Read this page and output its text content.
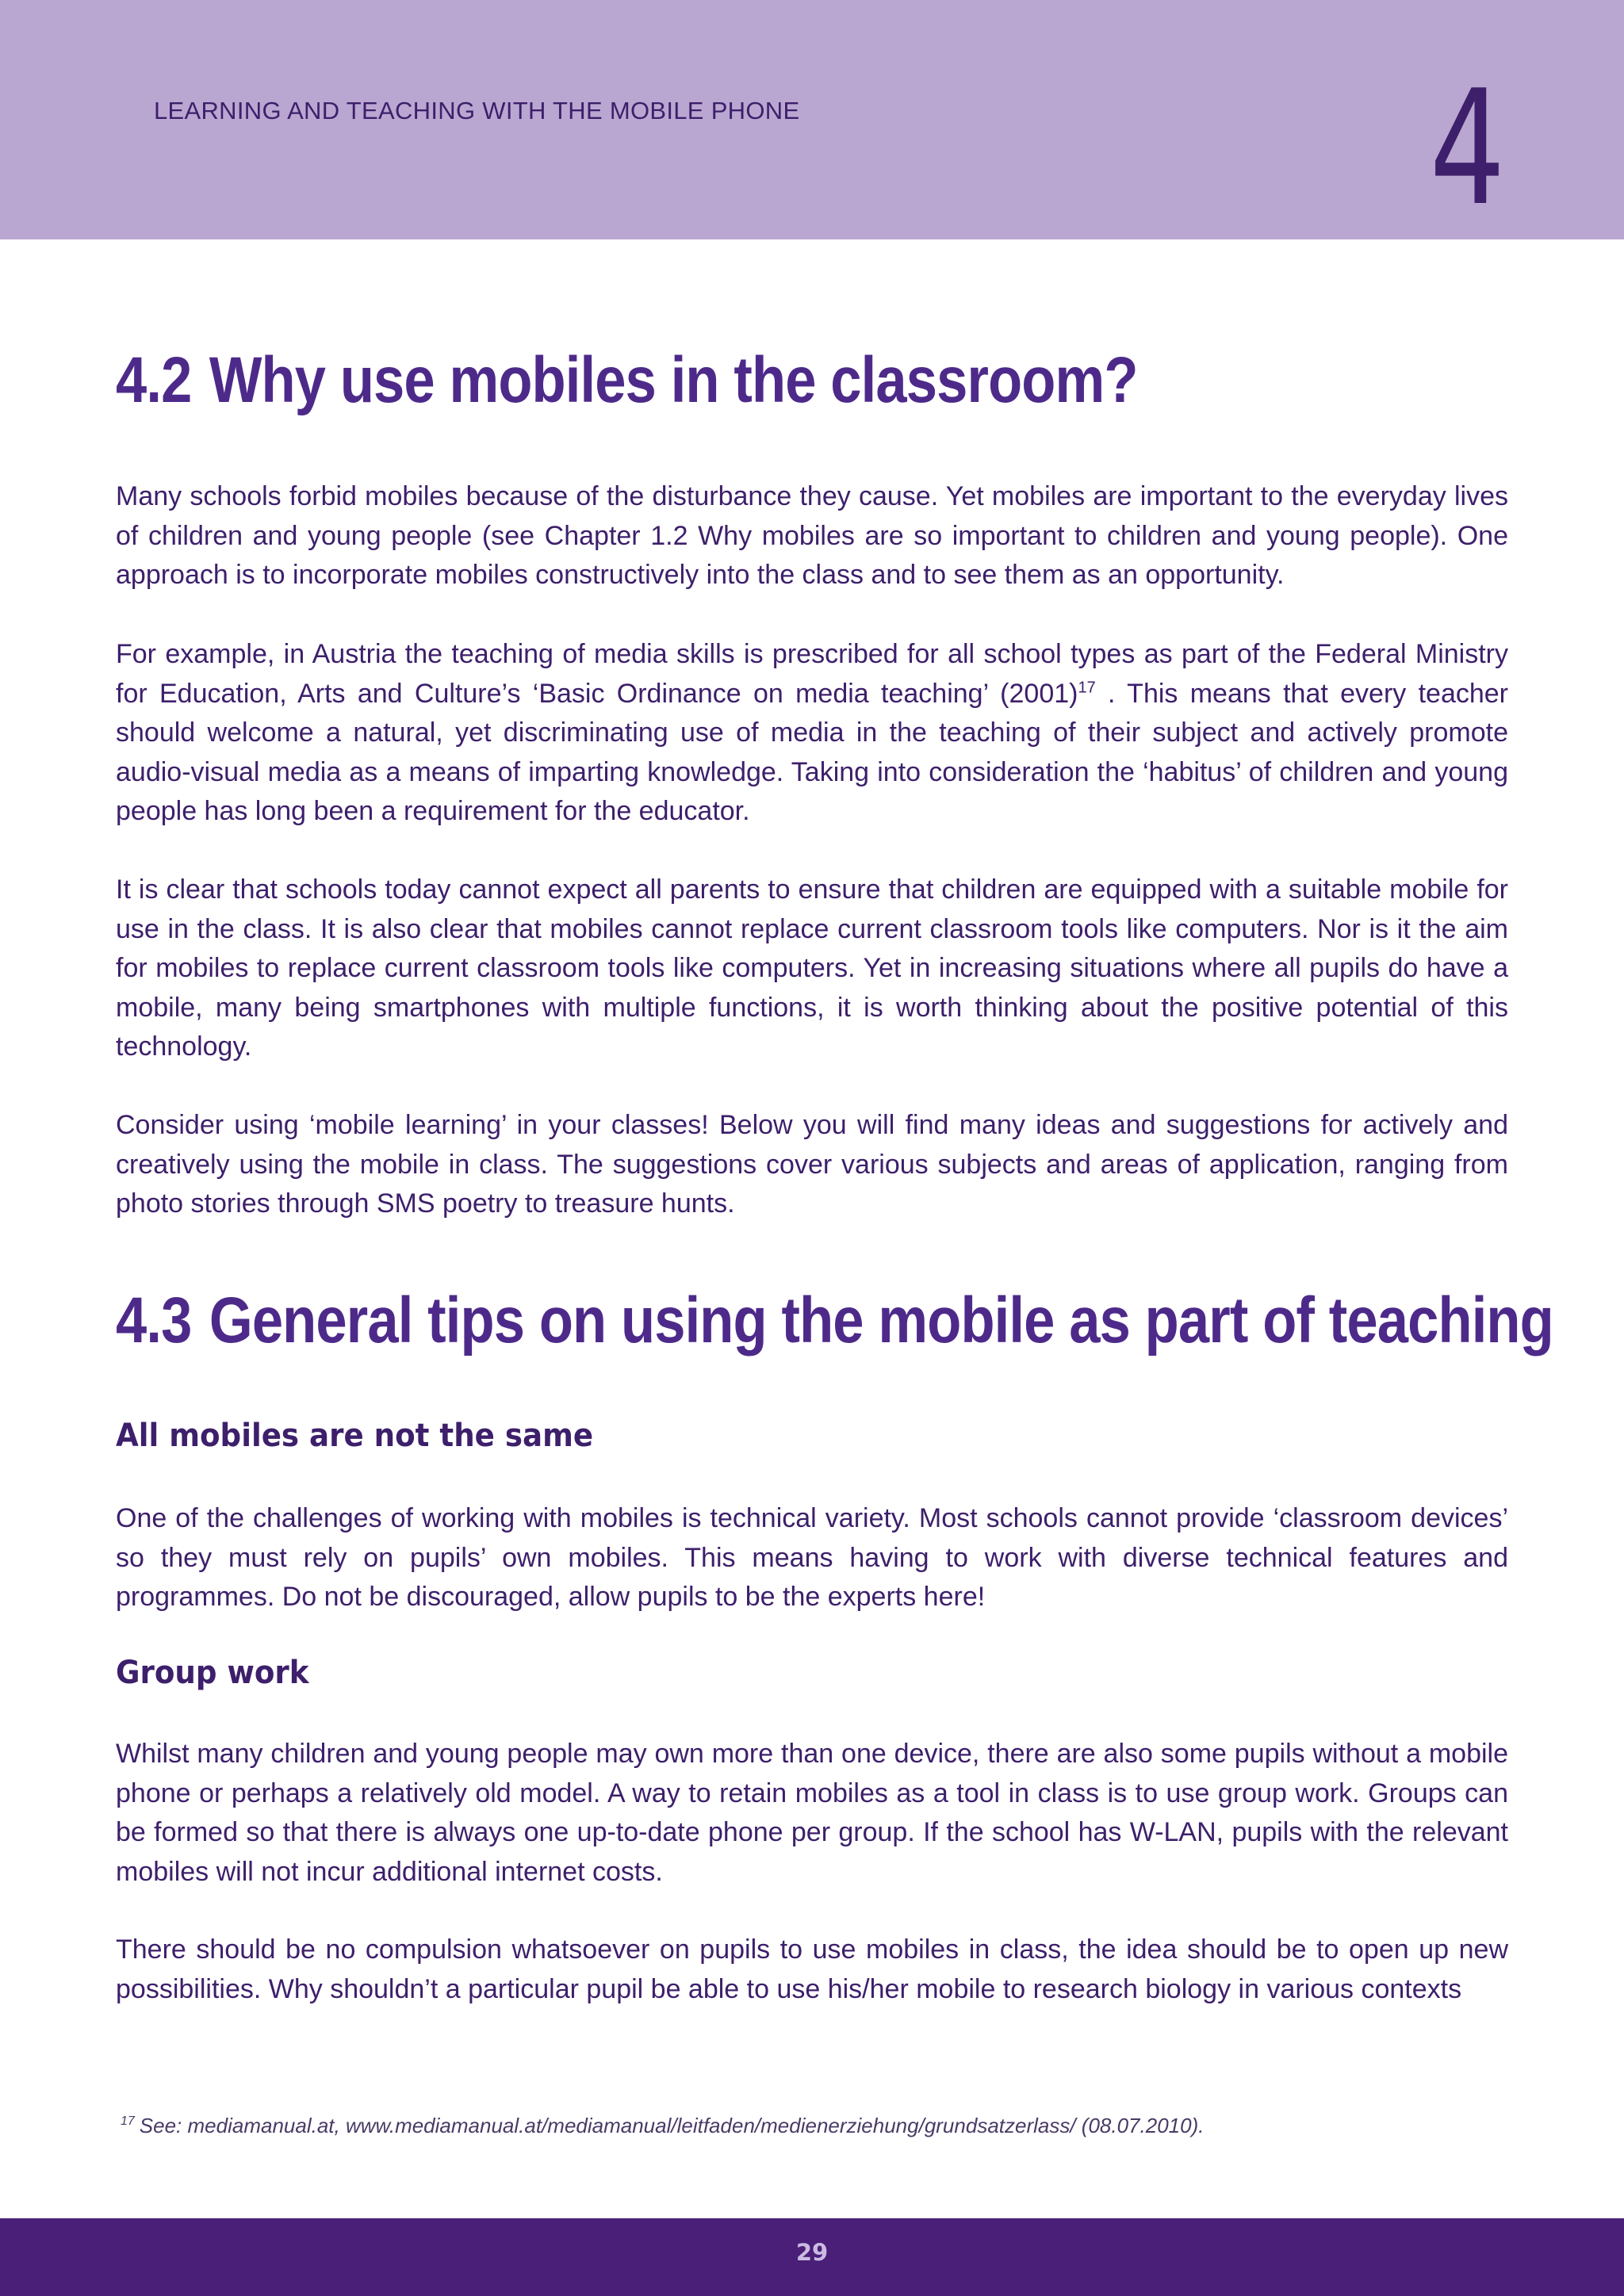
LEARNING AND TEACHING WITH THE MOBILE PHONE	4
4.2 Why use mobiles in the classroom?

Many schools forbid mobiles because of the disturbance they cause. Yet mobiles are important to the everyday lives of children and young people (see Chapter 1.2 Why mobiles are so important to children and young people). One approach is to incorporate mobiles constructively into the class and to see them as an opportunity.

For example, in Austria the teaching of media skills is prescribed for all school types as part of the Federal Ministry for Education, Arts and Culture’s ‘Basic Ordinance on media teaching’ $(2001)^{17}$ . This means that every teacher should welcome a natural, yet discriminating use of media in the teaching of their subject and actively promote audio-visual media as a means of imparting knowledge. Taking into consideration the ‘habitus’ of children and young people has long been a requirement for the educator.

It is clear that schools today cannot expect all parents to ensure that children are equipped with a suitable mobile for use in the class. It is also clear that mobiles cannot replace current classroom tools like computers. Nor is it the aim for mobiles to replace current classroom tools like computers. Yet in increasing situations where all pupils do have a mobile, many being smartphones with multiple functions, it is worth thinking about the positive potential of this technology.

Consider using ‘mobile learning’ in your classes! Below you will find many ideas and suggestions for actively and creatively using the mobile in class. The suggestions cover various subjects and areas of application, ranging from photo stories through SMS poetry to treasure hunts.

4.3 General tips on using the mobile as part of teaching
All mobiles are not the same

One of the challenges of working with mobiles is technical variety. Most schools cannot provide ‘classroom devices’ so they must rely on pupils’ own mobiles. This means having to work with diverse technical features and programmes. Do not be discouraged, allow pupils to be the experts here!

Group work

Whilst many children and young people may own more than one device, there are also some pupils without a mobile phone or perhaps a relatively old model. A way to retain mobiles as a tool in class is to use group work. Groups can be formed so that there is always one up-to-date phone per group. If the school has W-LAN, pupils with the relevant mobiles will not incur additional internet costs.

There should be no compulsion whatsoever on pupils to use mobiles in class, the idea should be to open up new possibilities. Why shouldn’t a particular pupil be able to use his/her mobile to research biology in various contexts

$^{17}$ See: mediamanual.at, www.mediamanual.at/mediamanual/leitfaden/medienerziehung/grundsatzerlass/ (08.07.2010).
29
